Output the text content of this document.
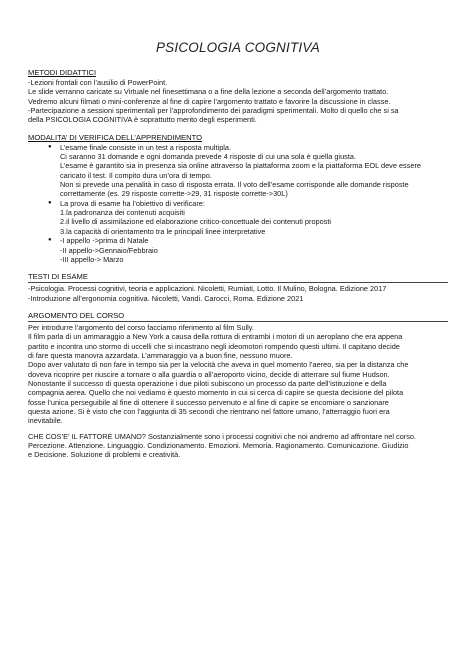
PSICOLOGIA COGNITIVA
METODI DIDATTICI

-Lezioni frontali con l’ausilio di PowerPoint.

Le slide verranno caricate su Virtuale nel finesettimana o a fine della lezione a seconda dell’argomento trattato.

Vedremo alcuni filmati o mini-conferenze al fine di capire l’argomento trattato e favorire la discussione in classe.

-Partecipazione a sessioni sperimentali per l’approfondimento dei paradigmi sperimentali. Molto di quello che si sa

della PSICOLOGIA COGNITIVA è soprattutto merito degli esperimenti.

MODALITA’ DI VERIFICA DELL’APPRENDIMENTO
● L’esame finale consiste in un test a risposta multipla.

Ci saranno 31 domande e ogni domanda prevede 4 risposte di cui una sola è quella giusta.

L’esame è garantito sia in presenza sia online attraverso la piattaforma zoom e la piattaforma EOL deve essere

caricato il test. Il compito dura un’ora di tempo.

Non si prevede una penalità in caso di risposta errata. Il voto dell’esame corrisponde alle domande risposte

correttamente (es. 29 risposte corrette->29, 31 risposte corrette->30L)

● La prova di esame ha l’obiettivo di verificare:

1.la padronanza dei contenuti acquisiti

2.il livello di assimilazione ed elaborazione critico-concettuale dei contenuti proposti

3.la capacità di orientamento tra le principali linee interpretative

● -I appello ->prima di Natale

-II appello->Gennaio/Febbraio

-III appello-> Marzo

TESTI DI ESAME

-Psicologia. Processi cognitivi, teoria e applicazioni. Nicoletti, Rumiati, Lotto. Il Mulino, Bologna. Edizione 2017

-Introduzione all’ergonomia cognitiva. Nicoletti, Vandi. Carocci, Roma. Edizione 2021

ARGOMENTO DEL CORSO

Per introdurre l’argomento del corso facciamo riferimento al film Sully.

Il film parla di un ammaraggio a New York a causa della rottura di entrambi i motori di un aeroplano che era appena

partito e incontra uno stormo di uccelli che si incastrano negli ideomotori rompendo questi ultimi. Il capitano decide

di fare questa manovra azzardata. L’ammaraggio va a buon fine, nessuno muore.

Dopo aver valutato di non fare in tempo sia per la velocità che aveva in quel momento l’aereo, sia per la distanza che

doveva ricoprire per riuscire a tornare o alla guardia o all’aeroporto vicino, decide di atterrare sul fiume Hudson.

Nonostante il successo di questa operazione i due piloti subiscono un processo da parte dell’istituzione e della

compagnia aerea. Quello che noi vediamo è questo momento in cui si cerca di capire se questa decisione del pilota

fosse l’unica perseguibile al fine di ottenere il successo pervenuto e al fine di capire se encomiare o sanzionare

questa azione. Si è visto che con l’aggiunta di 35 secondi che rientrano nel fattore umano, l’atterraggio fuori era

inevitabile.

CHE COS’E’ IL FATTORE UMANO? Sostanzialmente sono i processi cognitivi che noi andremo ad affrontare nel corso.

Percezione. Attenzione. Linguaggio. Condizionamento. Emozioni. Memoria. Ragionamento. Comunicazione. Giudizio

e Decisione. Soluzione di problemi e creatività.
